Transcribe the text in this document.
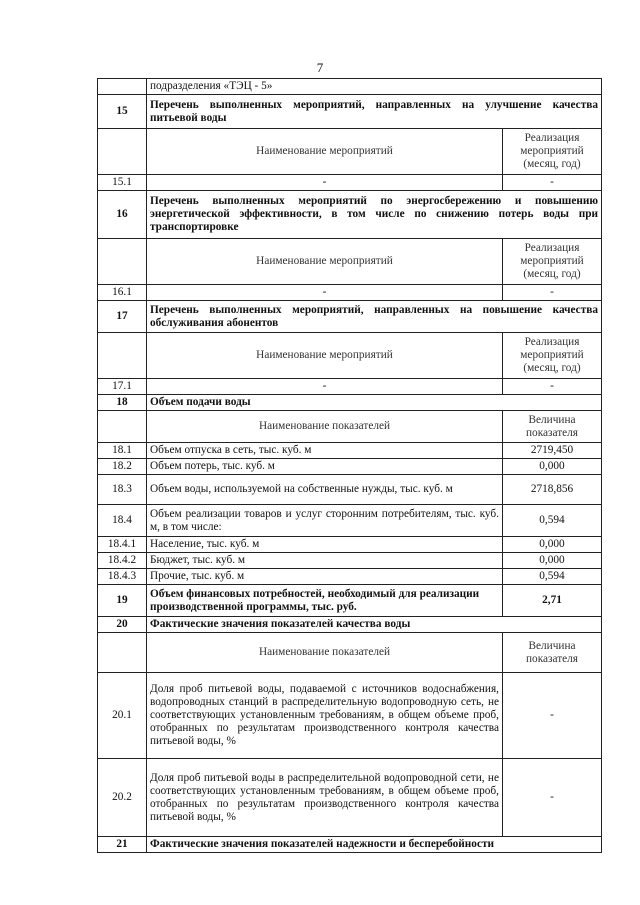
7
	подразделения «ТЭЦ - 5»	
15	Перечень выполненных мероприятий, направленных на улучшение качества питьевой воды	
	Наименование мероприятий	Реализация мероприятий (месяц, год)
15.1	-	-
16	Перечень выполненных мероприятий по энергосбережению и повышению энергетической эффективности, в том числе по снижению потерь воды при транспортировке	
	Наименование мероприятий	Реализация мероприятий (месяц, год)
16.1	-	-
17	Перечень выполненных мероприятий, направленных на повышение качества обслуживания абонентов	
	Наименование мероприятий	Реализация мероприятий (месяц, год)
17.1	-	-
18	Объем подачи воды	
	Наименование показателей	Величина показателя
18.1	Объем отпуска в сеть, тыс. куб. м	2719,450
18.2	Объем потерь, тыс. куб. м	0,000
18.3	Объем воды, используемой на собственные нужды, тыс. куб. м	2718,856
18.4	Объем реализации товаров и услуг сторонним потребителям, тыс. куб. м, в том числе:	0,594
18.4.1	Население, тыс. куб. м	0,000
18.4.2	Бюджет, тыс. куб. м	0,000
18.4.3	Прочие, тыс. куб. м	0,594
19	Объем финансовых потребностей, необходимый для реализации производственной программы, тыс. руб.	2,71
20	Фактические значения показателей качества воды	
	Наименование показателей	Величина показателя
20.1	Доля проб питьевой воды, подаваемой с источников водоснабжения, водопроводных станций в распределительную водопроводную сеть, не соответствующих установленным требованиям, в общем объеме проб, отобранных по результатам производственного контроля качества питьевой воды, %	-
20.2	Доля проб питьевой воды в распределительной водопроводной сети, не соответствующих установленным требованиям, в общем объеме проб, отобранных по результатам производственного контроля качества питьевой воды, %	-
21	Фактические значения показателей надежности и бесперебойности	
